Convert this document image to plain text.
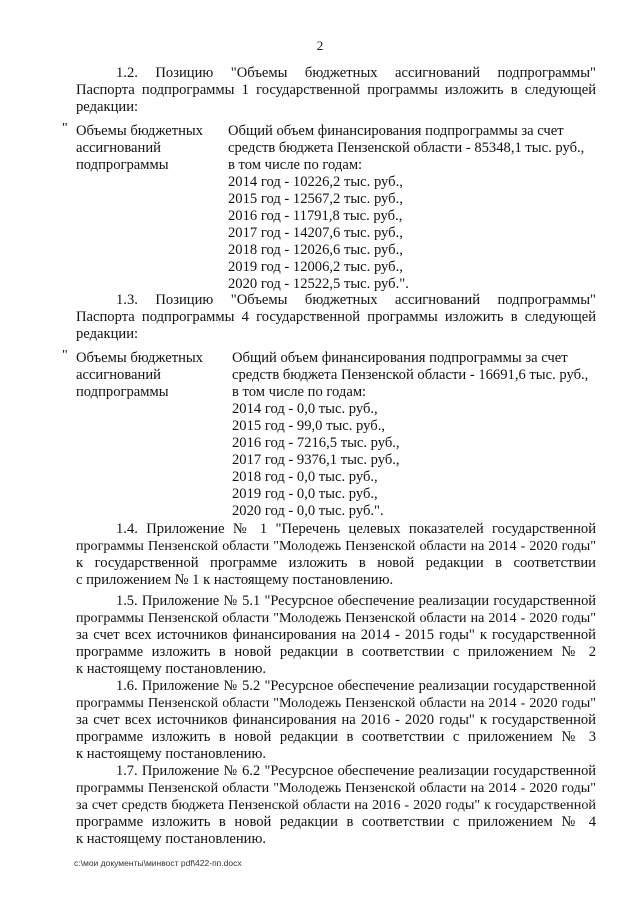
2
1.2. Позицию "Объемы бюджетных ассигнований подпрограммы"
Паспорта подпрограммы 1 государственной программы изложить в следующей
редакции:
" Объемы бюджетных
ассигнований
подпрограммы
Общий объем финансирования подпрограммы за счет
средств бюджета Пензенской области - 85348,1 тыс. руб.,
в том числе по годам:
2014 год - 10226,2 тыс. руб.,
2015 год - 12567,2 тыс. руб.,
2016 год - 11791,8 тыс. руб.,
2017 год - 14207,6 тыс. руб.,
2018 год - 12026,6 тыс. руб.,
2019 год - 12006,2 тыс. руб.,
2020 год - 12522,5 тыс. руб.".
1.3. Позицию "Объемы бюджетных ассигнований подпрограммы"
Паспорта подпрограммы 4 государственной программы изложить в следующей
редакции:
" Объемы бюджетных
ассигнований
подпрограммы
Общий объем финансирования подпрограммы за счет
средств бюджета Пензенской области - 16691,6 тыс. руб.,
в том числе по годам:
2014 год - 0,0 тыс. руб.,
2015 год - 99,0 тыс. руб.,
2016 год - 7216,5 тыс. руб.,
2017 год - 9376,1 тыс. руб.,
2018 год - 0,0 тыс. руб.,
2019 год - 0,0 тыс. руб.,
2020 год - 0,0 тыс. руб.".
1.4. Приложение № 1 "Перечень целевых показателей государственной
программы Пензенской области "Молодежь Пензенской области на 2014 - 2020 годы"
к государственной программе изложить в новой редакции в соответствии
с приложением № 1 к настоящему постановлению.
1.5. Приложение № 5.1 "Ресурсное обеспечение реализации государственной
программы Пензенской области "Молодежь Пензенской области на 2014 - 2020 годы"
за счет всех источников финансирования на 2014 - 2015 годы" к государственной
программе изложить в новой редакции в соответствии с приложением № 2
к настоящему постановлению.
1.6. Приложение № 5.2 "Ресурсное обеспечение реализации государственной
программы Пензенской области "Молодежь Пензенской области на 2014 - 2020 годы"
за счет всех источников финансирования на 2016 - 2020 годы" к государственной
программе изложить в новой редакции в соответствии с приложением № 3
к настоящему постановлению.
1.7. Приложение № 6.2 "Ресурсное обеспечение реализации государственной
программы Пензенской области "Молодежь Пензенской области на 2014 - 2020 годы"
за счет средств бюджета Пензенской области на 2016 - 2020 годы" к государственной
программе изложить в новой редакции в соответствии с приложением № 4
к настоящему постановлению.
c:\мои документы\минвост pdf\422-пп.docx
